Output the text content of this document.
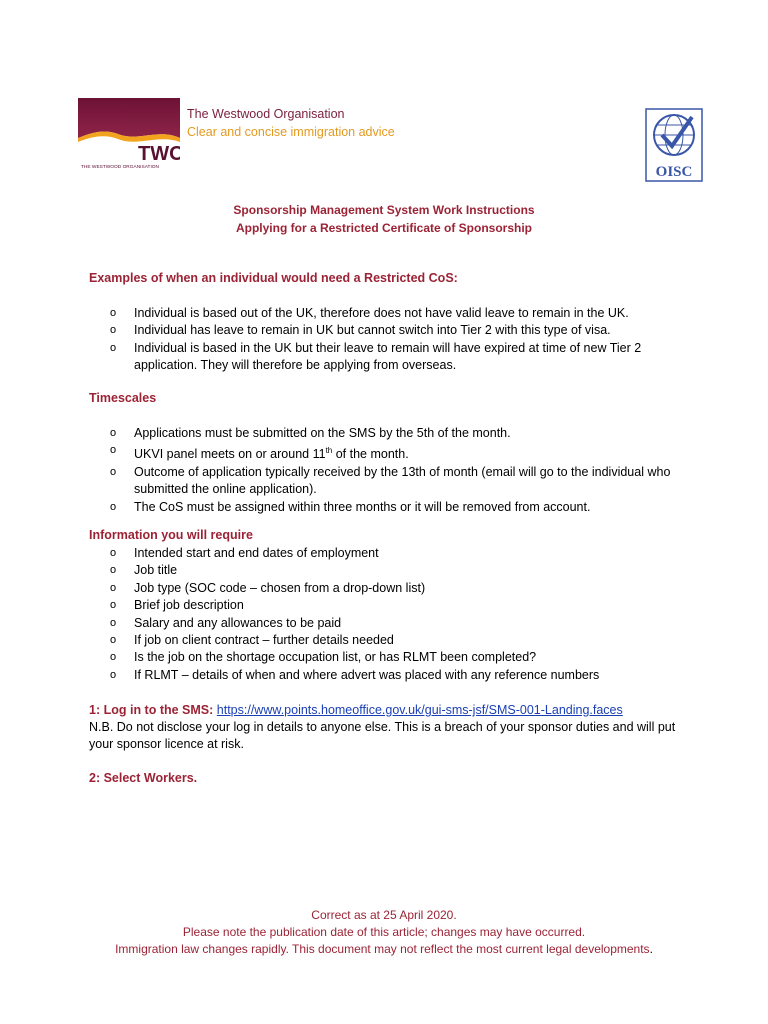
TWO
THE WESTWOOD ORGANISATION
The Westwood Organisation
Clear and concise immigration advice
OISC
Sponsorship Management System Work Instructions
Applying for a Restricted Certificate of Sponsorship
Examples of when an individual would need a Restricted CoS:
o Individual is based out of the UK, therefore does not have valid leave to remain in the UK.
o Individual has leave to remain in UK but cannot switch into Tier 2 with this type of visa.
o Individual is based in the UK but their leave to remain will have expired at time of new Tier 2 application. They will therefore be applying from overseas.
Timescales
o Applications must be submitted on the SMS by the 5th of the month.
o UKVI panel meets on or around 11th of the month.
o Outcome of application typically received by the 13th of month (email will go to the individual who submitted the online application).
o The CoS must be assigned within three months or it will be removed from account.
Information you will require
o Intended start and end dates of employment
o Job title
o Job type (SOC code – chosen from a drop-down list)
o Brief job description
o Salary and any allowances to be paid
o If job on client contract – further details needed
o Is the job on the shortage occupation list, or has RLMT been completed?
o If RLMT – details of when and where advert was placed with any reference numbers
1: Log in to the SMS: https://www.points.homeoffice.gov.uk/gui-sms-jsf/SMS-001-Landing.faces
N.B. Do not disclose your log in details to anyone else. This is a breach of your sponsor duties and will put your sponsor licence at risk.
2: Select Workers.
Correct as at 25 April 2020.
Please note the publication date of this article; changes may have occurred.
Immigration law changes rapidly. This document may not reflect the most current legal developments.
